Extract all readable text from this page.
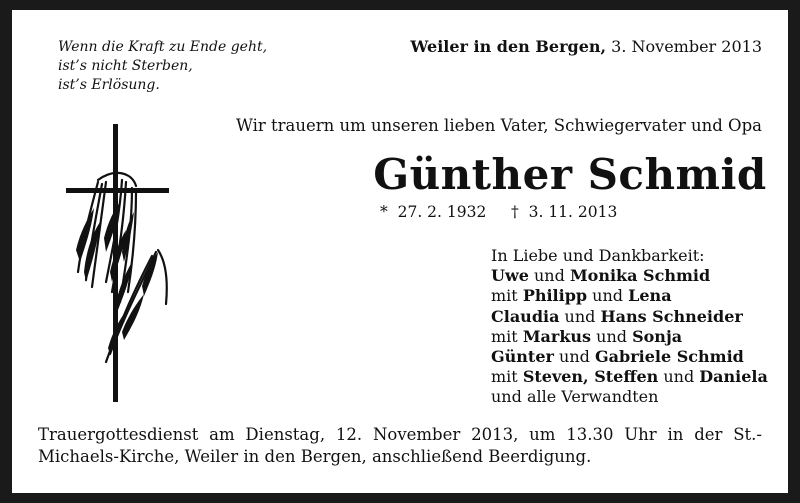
Wenn die Kraft zu Ende geht,
ist’s nicht Sterben,
ist’s Erlösung.
Weiler in den Bergen, 3. November 2013
Wir trauern um unseren lieben Vater, Schwiegervater und Opa
Günther Schmid
* 27. 2. 1932 † 3. 11. 2013
In Liebe und Dankbarkeit:
Uwe und Monika Schmid
mit Philipp und Lena
Claudia und Hans Schneider
mit Markus und Sonja
Günter und Gabriele Schmid
mit Steven, Steffen und Daniela
und alle Verwandten
Trauergottesdienst am Dienstag, 12. November 2013, um 13.30 Uhr in der St.-Michaels-Kirche, Weiler in den Bergen, anschließend Beerdigung.
